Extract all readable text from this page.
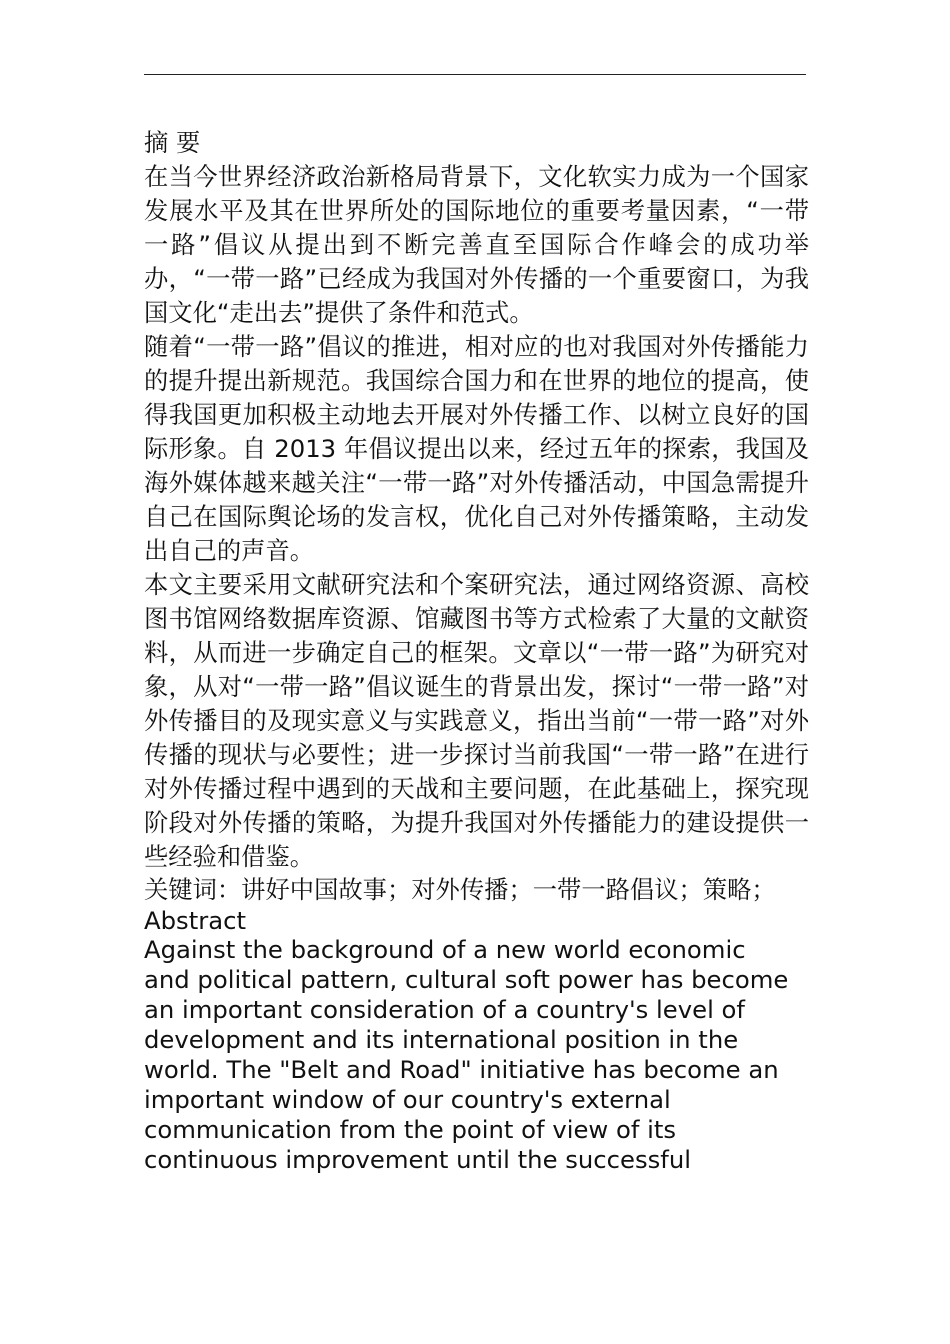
摘 要

在当今世界经济政治新格局背景下，文化软实力成为一个国家发展水平及其在世界所处的国际地位的重要考量因素，“一带一路”倡议从提出到不断完善直至国际合作峰会的成功举办，“一带一路”已经成为我国对外传播的一个重要窗口，为我国文化“走出去”提供了条件和范式。

随着“一带一路”倡议的推进，相对应的也对我国对外传播能力的提升提出新规范。我国综合国力和在世界的地位的提高，使得我国更加积极主动地去开展对外传播工作、以树立良好的国际形象。自 2013 年倡议提出以来，经过五年的探索，我国及海外媒体越来越关注“一带一路”对外传播活动，中国急需提升自己在国际舆论场的发言权，优化自己对外传播策略，主动发出自己的声音。

本文主要采用文献研究法和个案研究法，通过网络资源、高校图书馆网络数据库资源、馆藏图书等方式检索了大量的文献资料，从而进一步确定自己的框架。文章以“一带一路”为研究对象，从对“一带一路”倡议诞生的背景出发，探讨“一带一路”对外传播目的及现实意义与实践意义，指出当前“一带一路”对外传播的现状与必要性；进一步探讨当前我国“一带一路”在进行对外传播过程中遇到的天战和主要问题，在此基础上，探究现阶段对外传播的策略，为提升我国对外传播能力的建设提供一些经验和借鉴。

关键词：讲好中国故事；对外传播；一带一路倡议；策略；

Abstract

Against the background of a new world economic and political pattern, cultural soft power has become an important consideration of a country's level of development and its international position in the world. The "Belt and Road" initiative has become an important window of our country's external communication from the point of view of its continuous improvement until the successful
